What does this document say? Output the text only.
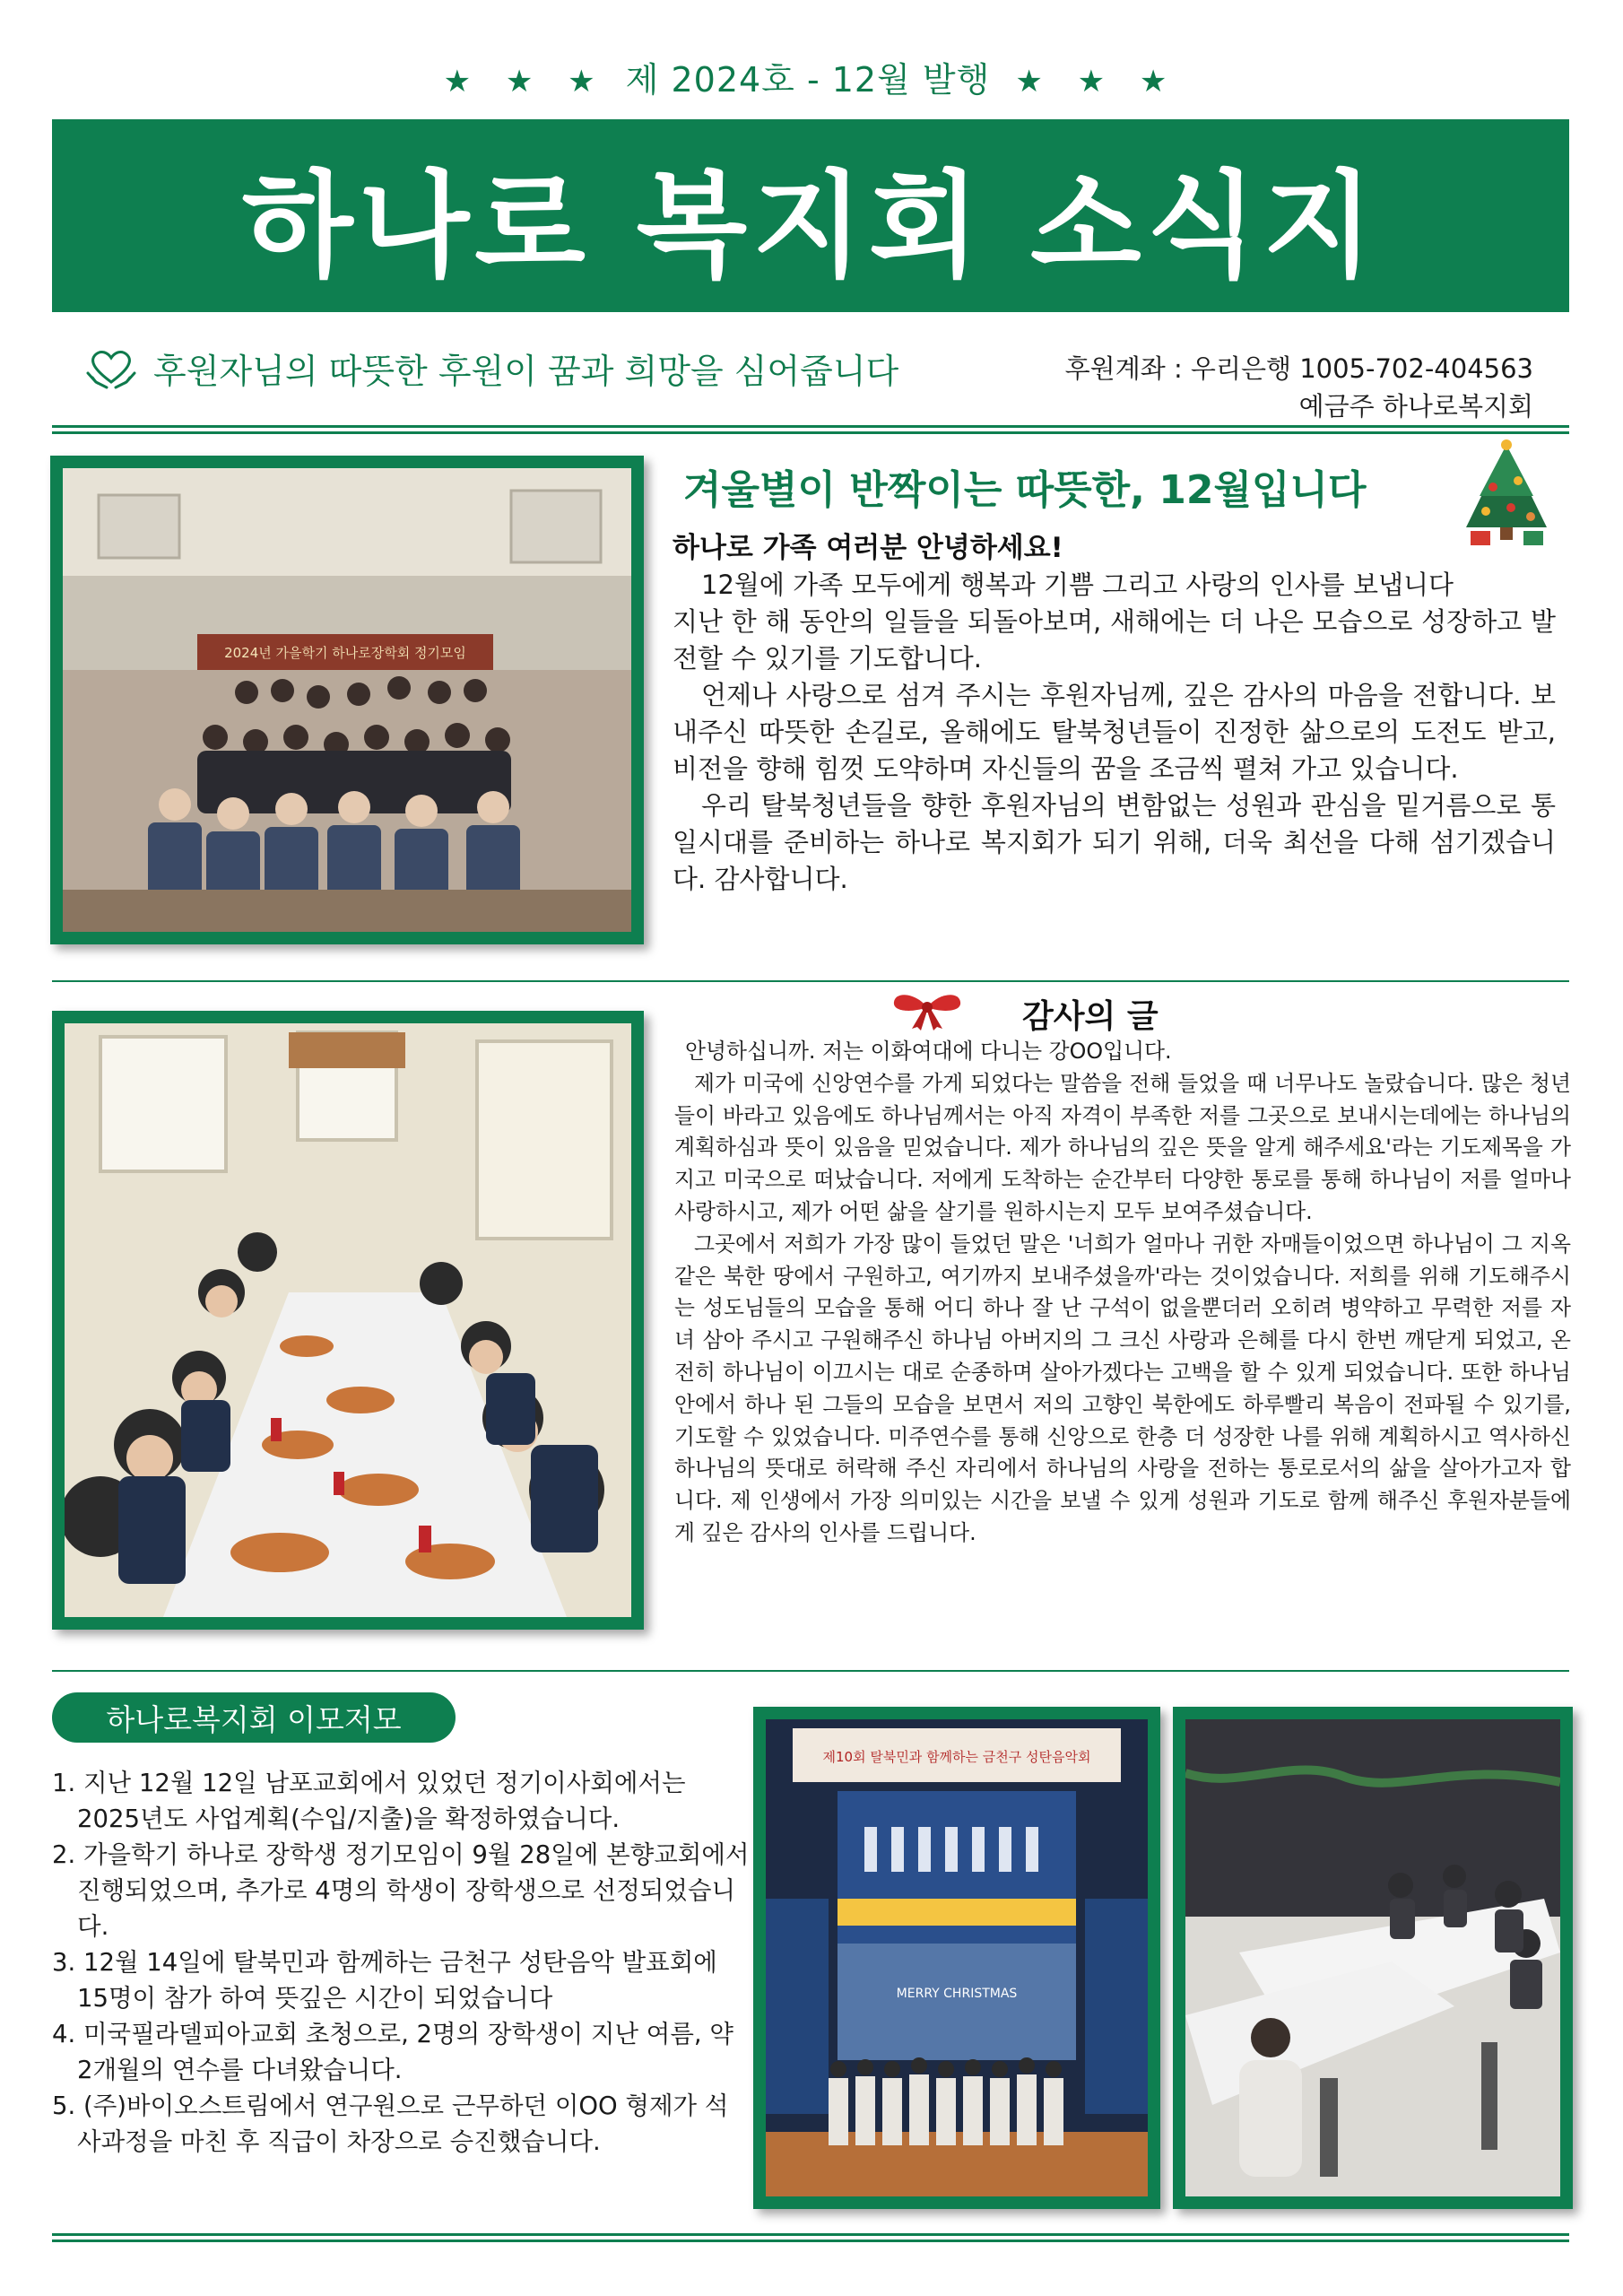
★ ★ ★ 제 2024호 - 12월 발행 ★ ★ ★
하나로 복지회 소식지
후원자님의 따뜻한 후원이 꿈과 희망을 심어줍니다	후원계좌 : 우리은행 1005-702-404563
예금주 하나로복지회
2024년 가을학기 하나로장학회 정기모임
겨울별이 반짝이는 따뜻한, 12월입니다
하나로 가족 여러분 안녕하세요!

12월에 가족 모두에게 행복과 기쁨 그리고 사랑의 인사를 보냅니다

지난 한 해 동안의 일들을 되돌아보며, 새해에는 더 나은 모습으로 성장하고 발전할 수 있기를 기도합니다.

언제나 사랑으로 섬겨 주시는 후원자님께, 깊은 감사의 마음을 전합니다. 보내주신 따뜻한 손길로, 올해에도 탈북청년들이 진정한 삶으로의 도전도 받고, 비전을 향해 힘껏 도약하며 자신들의 꿈을 조금씩 펼쳐 가고 있습니다.

우리 탈북청년들을 향한 후원자님의 변함없는 성원과 관심을 밑거름으로 통일시대를 준비하는 하나로 복지회가 되기 위해, 더욱 최선을 다해 섬기겠습니다. 감사합니다.

감사의 글

안녕하십니까. 저는 이화여대에 다니는 강OO입니다.

제가 미국에 신앙연수를 가게 되었다는 말씀을 전해 들었을 때 너무나도 놀랐습니다. 많은 청년들이 바라고 있음에도 하나님께서는 아직 자격이 부족한 저를 그곳으로 보내시는데에는 하나님의 계획하심과 뜻이 있음을 믿었습니다. 제가 하나님의 깊은 뜻을 알게 해주세요'라는 기도제목을 가지고 미국으로 떠났습니다. 저에게 도착하는 순간부터 다양한 통로를 통해 하나님이 저를 얼마나 사랑하시고, 제가 어떤 삶을 살기를 원하시는지 모두 보여주셨습니다.

그곳에서 저희가 가장 많이 들었던 말은 '너희가 얼마나 귀한 자매들이었으면 하나님이 그 지옥 같은 북한 땅에서 구원하고, 여기까지 보내주셨을까'라는 것이었습니다. 저희를 위해 기도해주시는 성도님들의 모습을 통해 어디 하나 잘 난 구석이 없을뿐더러 오히려 병약하고 무력한 저를 자녀 삼아 주시고 구원해주신 하나님 아버지의 그 크신 사랑과 은혜를 다시 한번 깨닫게 되었고, 온전히 하나님이 이끄시는 대로 순종하며 살아가겠다는 고백을 할 수 있게 되었습니다. 또한 하나님 안에서 하나 된 그들의 모습을 보면서 저의 고향인 북한에도 하루빨리 복음이 전파될 수 있기를, 기도할 수 있었습니다. 미주연수를 통해 신앙으로 한층 더 성장한 나를 위해 계획하시고 역사하신 하나님의 뜻대로 허락해 주신 자리에서 하나님의 사랑을 전하는 통로로서의 삶을 살아가고자 합니다. 제 인생에서 가장 의미있는 시간을 보낼 수 있게 성원과 기도로 함께 해주신 후원자분들에게 깊은 감사의 인사를 드립니다.

하나로복지회 이모저모
1. 지난 12월 12일 남포교회에서 있었던 정기이사회에서는 2025년도 사업계획(수입/지출)을 확정하였습니다.
2. 가을학기 하나로 장학생 정기모임이 9월 28일에 본향교회에서 진행되었으며, 추가로 4명의 학생이 장학생으로 선정되었습니다.
3. 12월 14일에 탈북민과 함께하는 금천구 성탄음악 발표회에 15명이 참가 하여 뜻깊은 시간이 되었습니다
4. 미국필라델피아교회 초청으로, 2명의 장학생이 지난 여름, 약 2개월의 연수를 다녀왔습니다.
5. (주)바이오스트림에서 연구원으로 근무하던 이OO 형제가 석사과정을 마친 후 직급이 차장으로 승진했습니다.
제10회 탈북민과 함께하는 금천구 성탄음악회
MERRY CHRISTMAS
